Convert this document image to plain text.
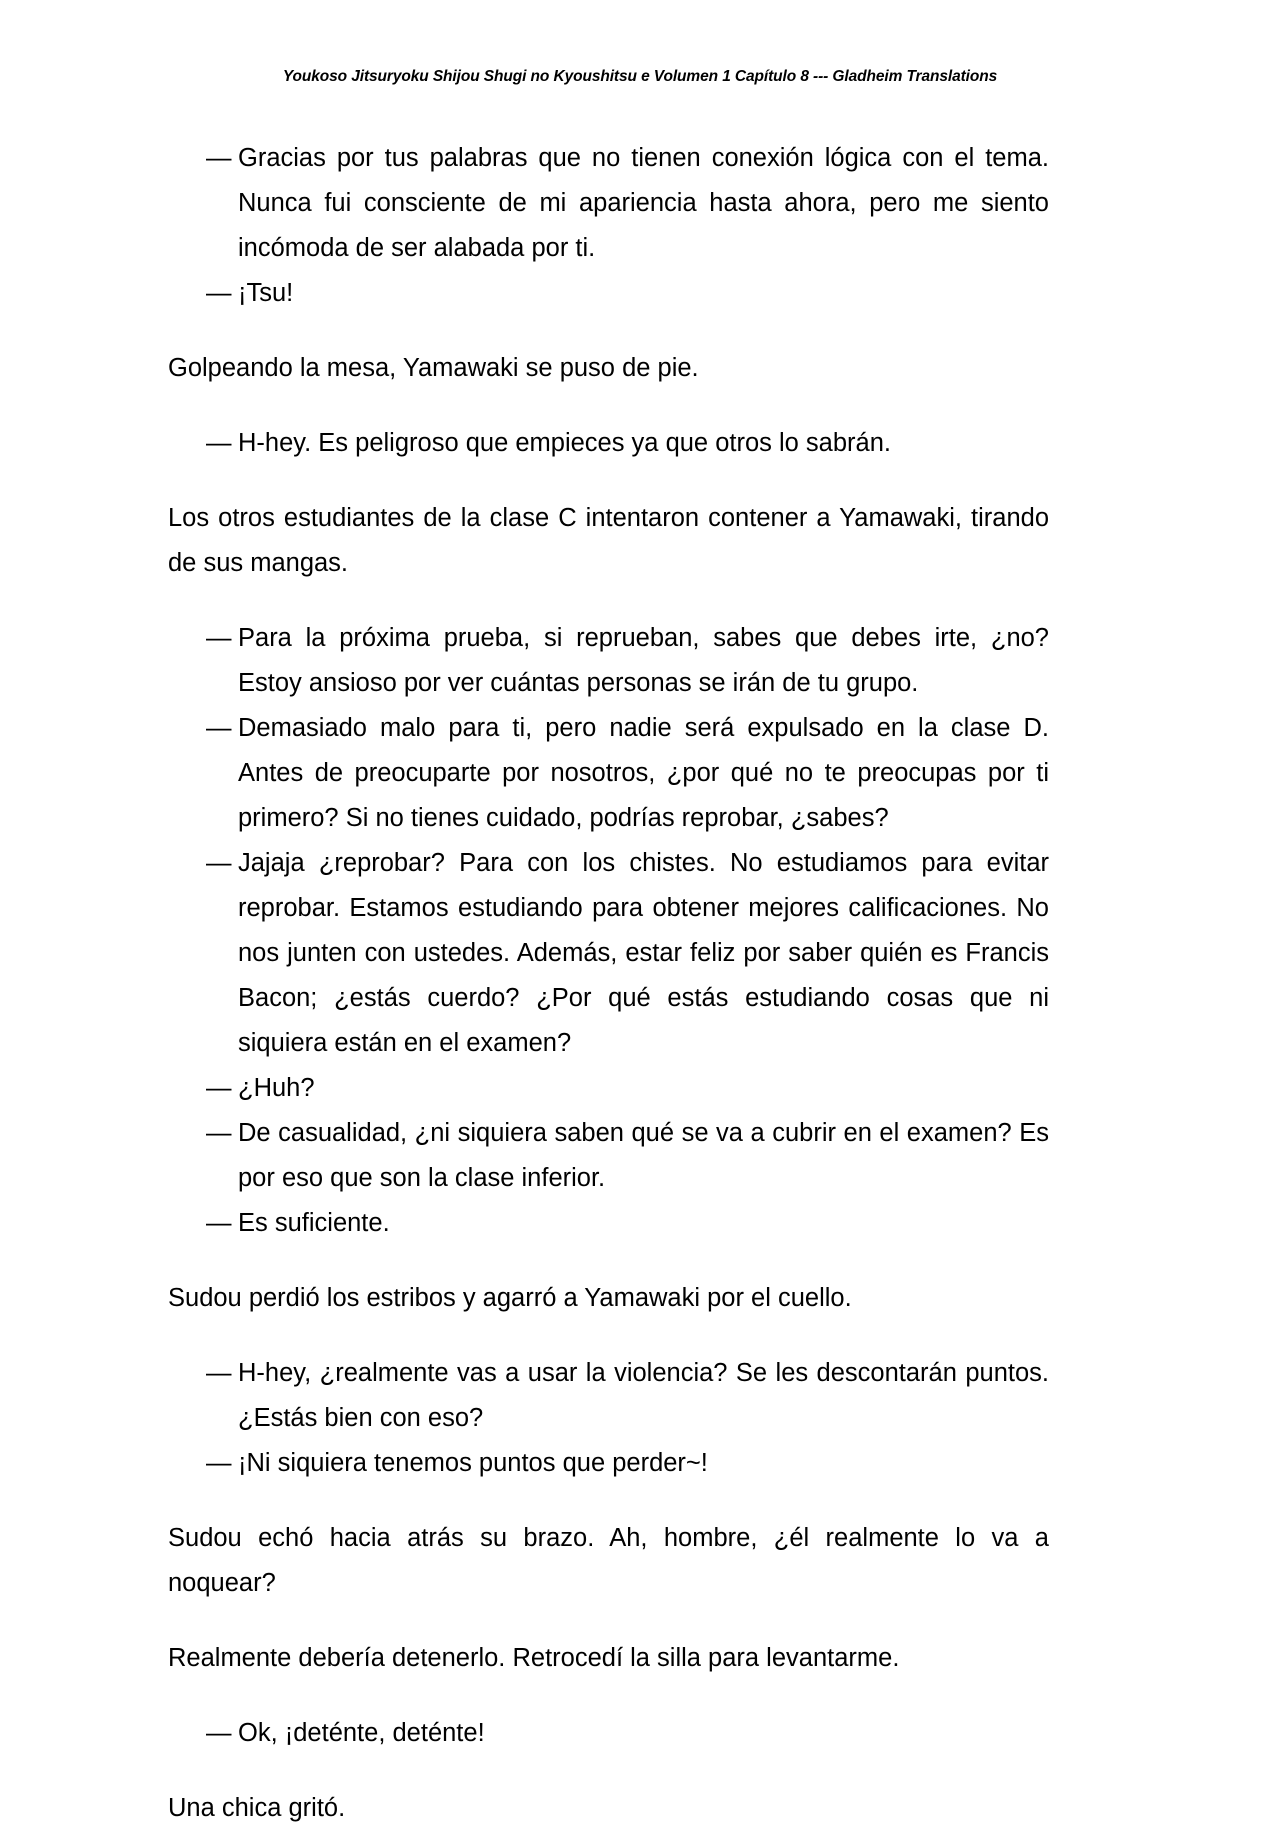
Youkoso Jitsuryoku Shijou Shugi no Kyoushitsu e Volumen 1 Capítulo 8 --- Gladheim Translations

— Gracias por tus palabras que no tienen conexión lógica con el tema. Nunca fui consciente de mi apariencia hasta ahora, pero me siento incómoda de ser alabada por ti.

— ¡Tsu!

Golpeando la mesa, Yamawaki se puso de pie.

— H-hey. Es peligroso que empieces ya que otros lo sabrán.

Los otros estudiantes de la clase C intentaron contener a Yamawaki, tirando de sus mangas.

— Para la próxima prueba, si reprueban, sabes que debes irte, ¿no? Estoy ansioso por ver cuántas personas se irán de tu grupo.

— Demasiado malo para ti, pero nadie será expulsado en la clase D. Antes de preocuparte por nosotros, ¿por qué no te preocupas por ti primero? Si no tienes cuidado, podrías reprobar, ¿sabes?

— Jajaja ¿reprobar? Para con los chistes. No estudiamos para evitar reprobar. Estamos estudiando para obtener mejores calificaciones. No nos junten con ustedes. Además, estar feliz por saber quién es Francis Bacon; ¿estás cuerdo? ¿Por qué estás estudiando cosas que ni siquiera están en el examen?

— ¿Huh?

— De casualidad, ¿ni siquiera saben qué se va a cubrir en el examen? Es por eso que son la clase inferior.

— Es suficiente.

Sudou perdió los estribos y agarró a Yamawaki por el cuello.

— H-hey, ¿realmente vas a usar la violencia? Se les descontarán puntos. ¿Estás bien con eso?

— ¡Ni siquiera tenemos puntos que perder~!

Sudou echó hacia atrás su brazo. Ah, hombre, ¿él realmente lo va a noquear?

Realmente debería detenerlo. Retrocedí la silla para levantarme.

— Ok, ¡deténte, deténte!

Una chica gritó.
